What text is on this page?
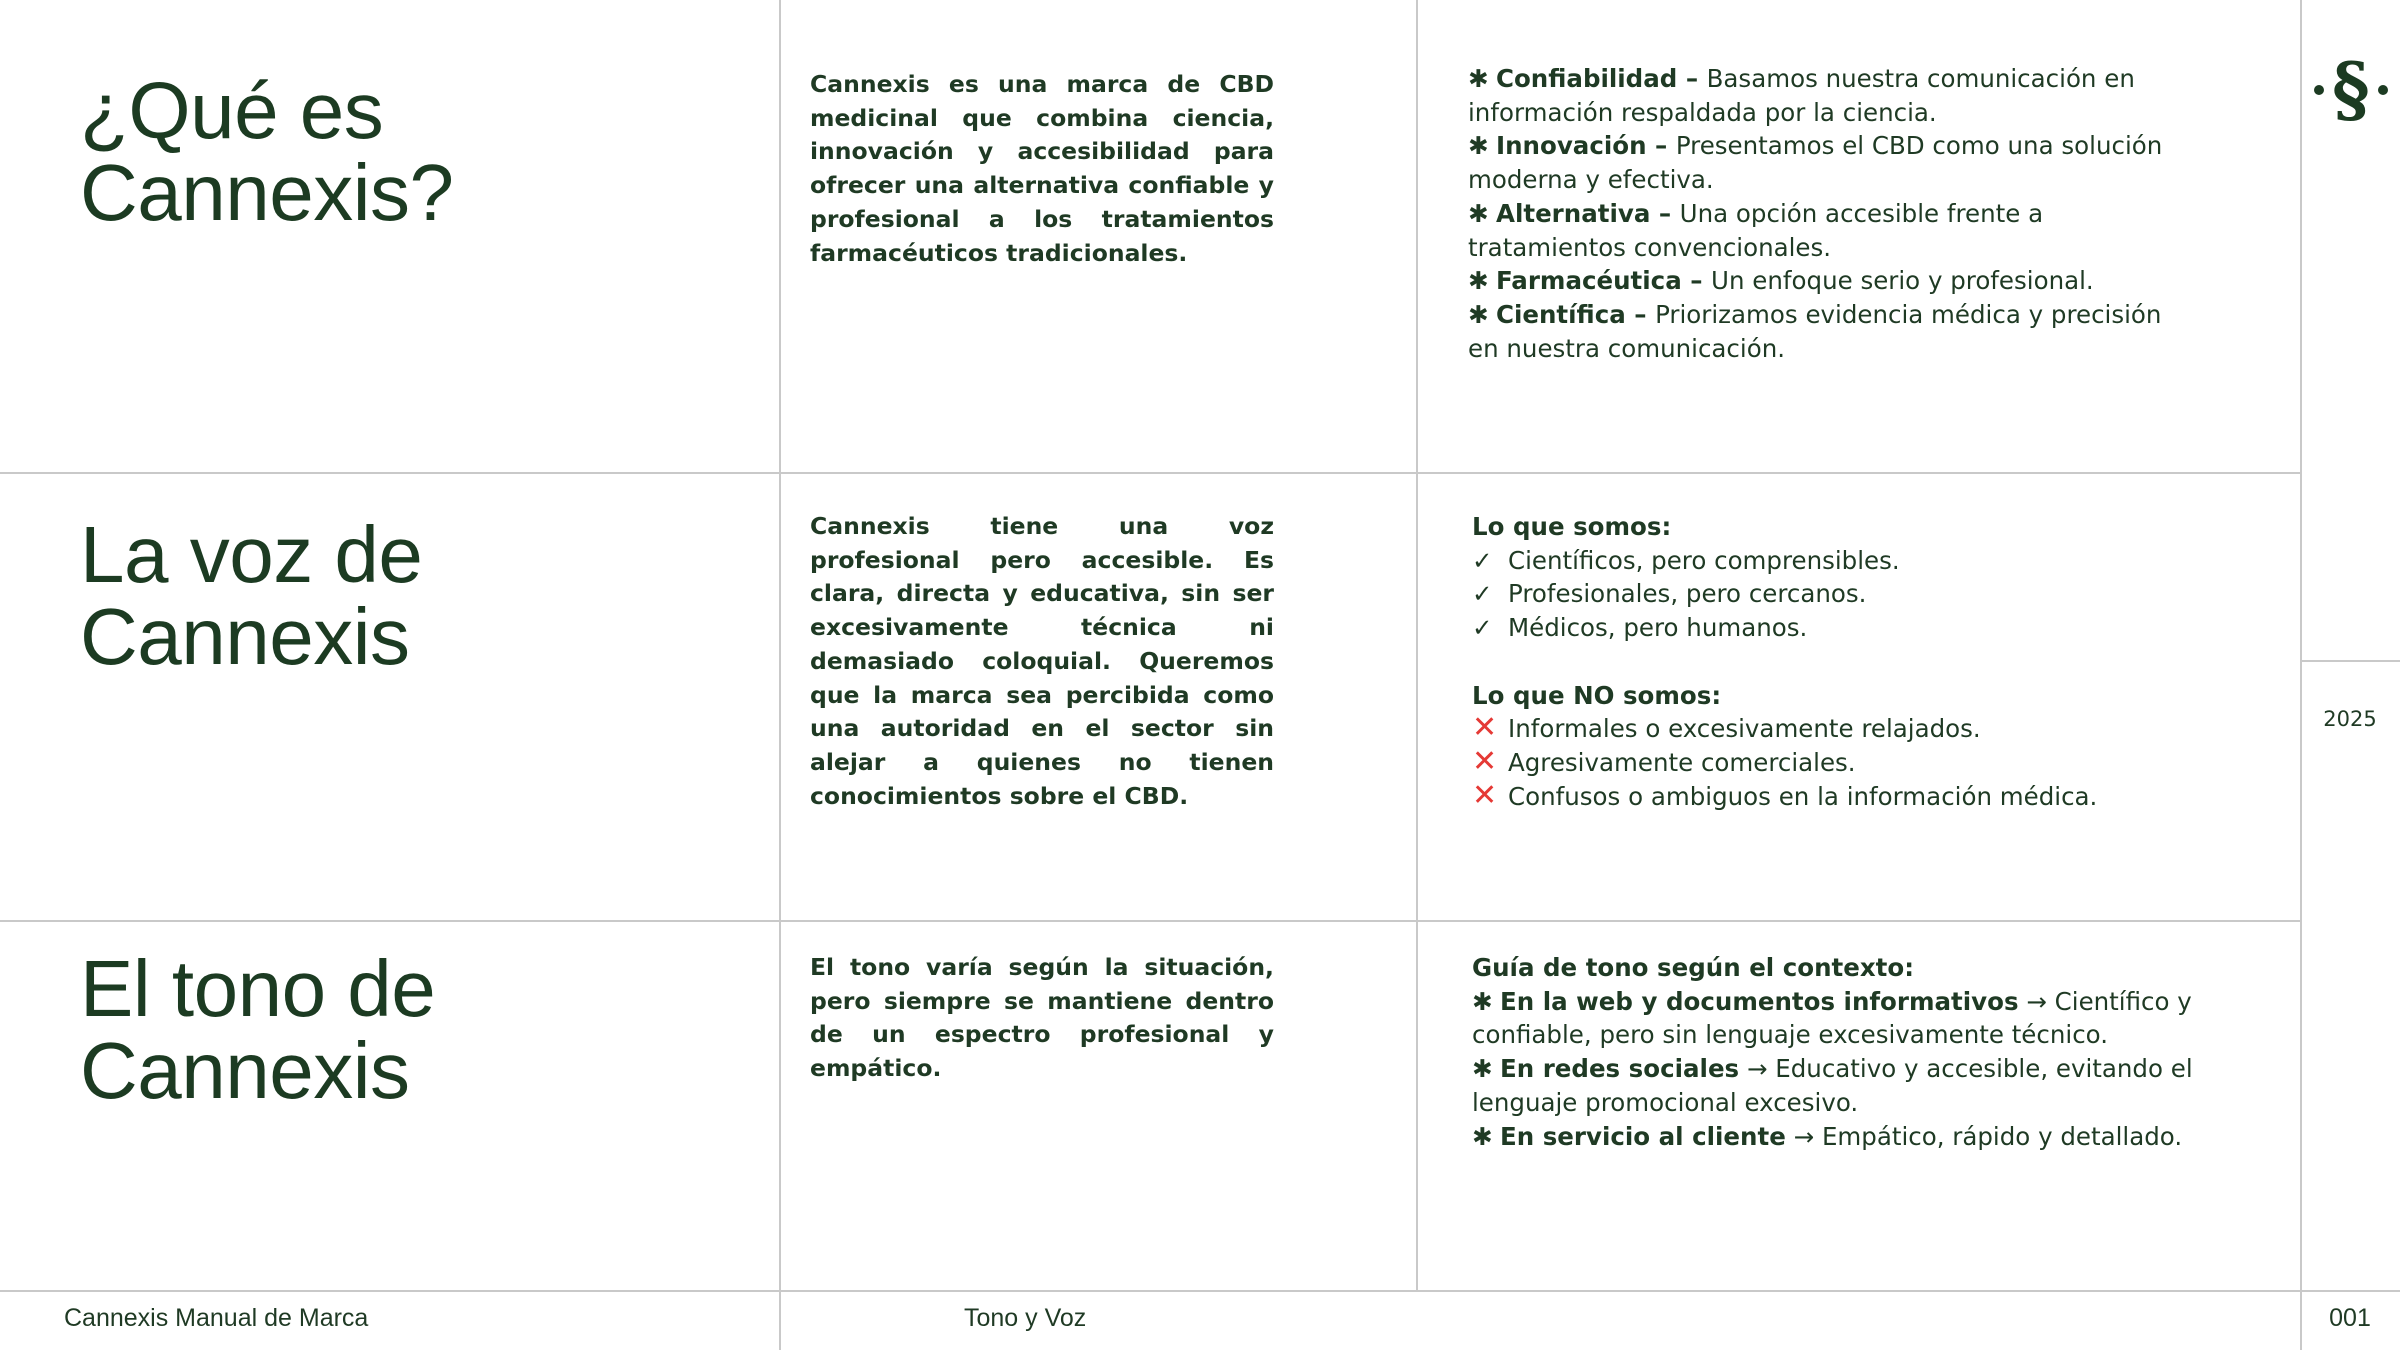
¿Qué es
Cannexis?

Cannexis es una marca de CBD medicinal que combina ciencia, innovación y accesibilidad para ofrecer una alternativa confiable y profesional a los tratamientos farmacéuticos tradicionales.

✱ Confiabilidad – Basamos nuestra comunicación en información respaldada por la ciencia.
✱ Innovación – Presentamos el CBD como una solución moderna y efectiva.
✱ Alternativa – Una opción accesible frente a tratamientos convencionales.
✱ Farmacéutica – Un enfoque serio y profesional.
✱ Científica – Priorizamos evidencia médica y precisión en nuestra comunicación.
La voz de
Cannexis

Cannexis tiene una voz profesional pero accesible. Es clara, directa y educativa, sin ser excesivamente técnica ni demasiado coloquial. Queremos que la marca sea percibida como una autoridad en el sector sin alejar a quienes no tienen conocimientos sobre el CBD.

Lo que somos:
✓ Científicos, pero comprensibles.
✓ Profesionales, pero cercanos.
✓ Médicos, pero humanos.
Lo que NO somos:
✕ Informales o excesivamente relajados.
✕ Agresivamente comerciales.
✕ Confusos o ambiguos en la información médica.
El tono de
Cannexis

El tono varía según la situación, pero siempre se mantiene dentro de un espectro profesional y empático.

Guía de tono según el contexto:
✱ En la web y documentos informativos → Científico y confiable, pero sin lenguaje excesivamente técnico.
✱ En redes sociales → Educativo y accesible, evitando el lenguaje promocional excesivo.
✱ En servicio al cliente → Empático, rápido y detallado.
§
2025
Cannexis Manual de Marca	Tono y Voz	001
